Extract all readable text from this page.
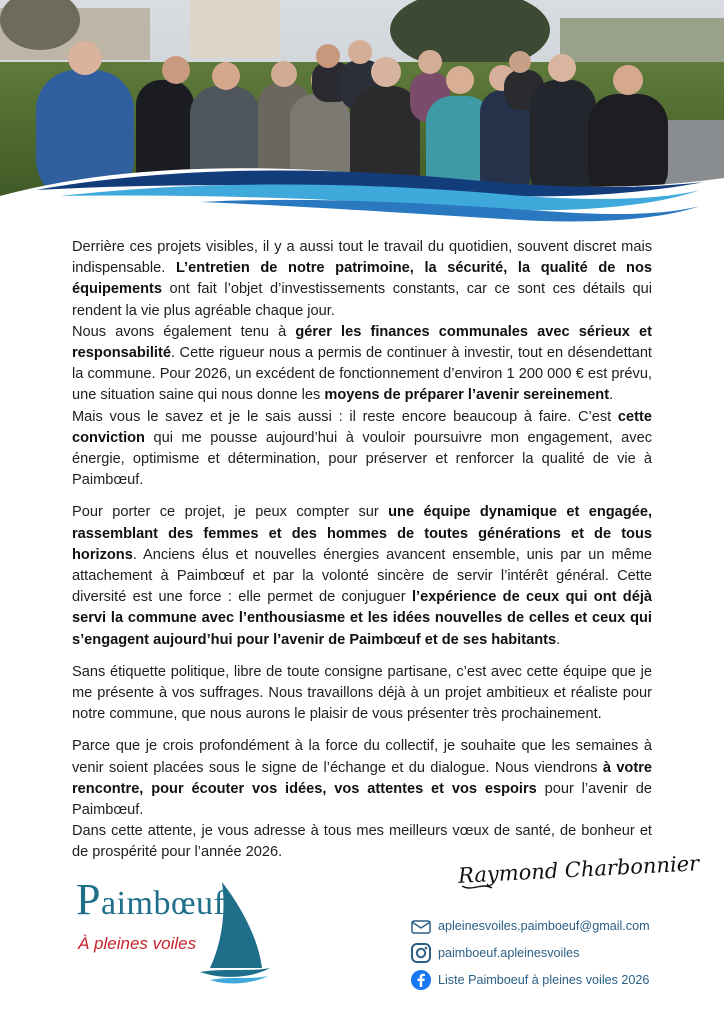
Derrière ces projets visibles, il y a aussi tout le travail du quotidien, souvent discret mais indispensable. L’entretien de notre patrimoine, la sécurité, la qualité de nos équipements ont fait l’objet d’investissements constants, car ce sont ces détails qui rendent la vie plus agréable chaque jour.

Nous avons également tenu à gérer les finances communales avec sérieux et responsabilité. Cette rigueur nous a permis de continuer à investir, tout en désendettant la commune. Pour 2026, un excédent de fonctionnement d’environ 1 200 000 € est prévu, une situation saine qui nous donne les moyens de préparer l’avenir sereinement.

Mais vous le savez et je le sais aussi : il reste encore beaucoup à faire. C’est cette conviction qui me pousse aujourd’hui à vouloir poursuivre mon engagement, avec énergie, optimisme et détermination, pour préserver et renforcer la qualité de vie à Paimbœuf.

Pour porter ce projet, je peux compter sur une équipe dynamique et engagée, rassemblant des femmes et des hommes de toutes générations et de tous horizons. Anciens élus et nouvelles énergies avancent ensemble, unis par un même attachement à Paimbœuf et par la volonté sincère de servir l’intérêt général. Cette diversité est une force : elle permet de conjuguer l’expérience de ceux qui ont déjà servi la commune avec l’enthousiasme et les idées nouvelles de celles et ceux qui s’engagent aujourd’hui pour l’avenir de Paimbœuf et de ses habitants.

Sans étiquette politique, libre de toute consigne partisane, c’est avec cette équipe que je me présente à vos suffrages. Nous travaillons déjà à un projet ambitieux et réaliste pour notre commune, que nous aurons le plaisir de vous présenter très prochainement.

Parce que je crois profondément à la force du collectif, je souhaite que les semaines à venir soient placées sous le signe de l’échange et du dialogue. Nous viendrons à votre rencontre, pour écouter vos idées, vos attentes et vos espoirs pour l’avenir de Paimbœuf.

Dans cette attente, je vous adresse à tous mes meilleurs vœux de santé, de bonheur et de prospérité pour l’année 2026.	Raymond Charbonnier
Paimbœuf
À pleines voiles
apleinesvoiles.paimboeuf@gmail.com
paimboeuf.apleinesvoiles
Liste Paimboeuf à pleines voiles 2026
